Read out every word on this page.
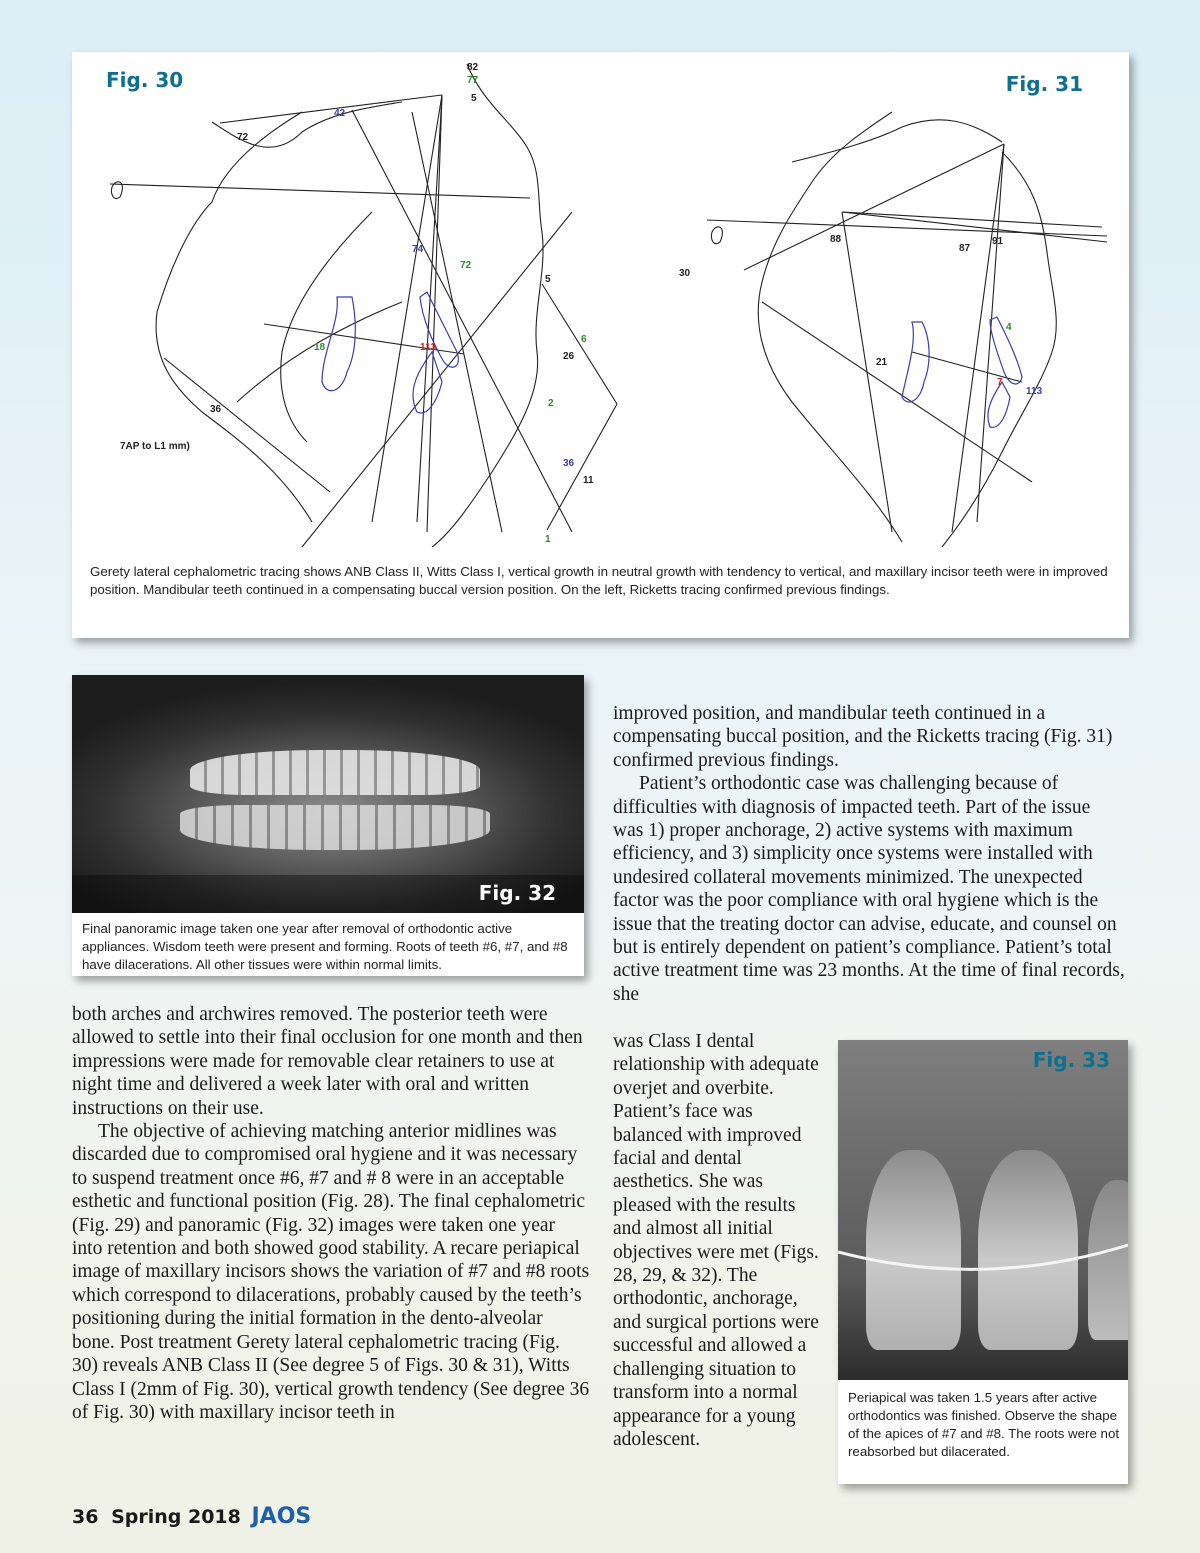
Fig. 30	Fig. 31
82
77
5
72
42
74
72
18	113
36
7AP to L1 mm)
5
6
26
2
36
11
1
30
88
87
91
4
21
7
113
Gerety lateral cephalometric tracing shows ANB Class II, Witts Class I, vertical growth in neutral growth with tendency to vertical, and maxillary incisor teeth were in improved position. Mandibular teeth continued in a compensating buccal version position. On the left, Ricketts tracing confirmed previous findings.
Fig. 32
Final panoramic image taken one year after removal of orthodontic active appliances. Wisdom teeth were present and forming. Roots of teeth #6, #7, and #8 have dilacerations. All other tissues were within normal limits.

both arches and archwires removed. The posterior teeth were allowed to settle into their final occlusion for one month and then impressions were made for removable clear retainers to use at night time and delivered a week later with oral and written instructions on their use.

The objective of achieving matching anterior midlines was discarded due to compromised oral hygiene and it was necessary to suspend treatment once #6, #7 and # 8 were in an acceptable esthetic and functional position (Fig. 28). The final cephalometric (Fig. 29) and panoramic (Fig. 32) images were taken one year into retention and both showed good stability. A recare periapical image of maxillary incisors shows the variation of #7 and #8 roots which correspond to dilacerations, probably caused by the teeth’s positioning during the initial formation in the dento-alveolar bone. Post treatment Gerety lateral cephalometric tracing (Fig. 30) reveals ANB Class II (See degree 5 of Figs. 30 & 31), Witts Class I (2mm of Fig. 30), vertical growth tendency (See degree 36 of Fig. 30) with maxillary incisor teeth in

improved position, and mandibular teeth continued in a compensating buccal position, and the Ricketts tracing (Fig. 31) confirmed previous findings.

Patient’s orthodontic case was challenging because of difficulties with diagnosis of impacted teeth. Part of the issue was 1) proper anchorage, 2) active systems with maximum efficiency, and 3) simplicity once systems were installed with undesired collateral movements minimized. The unexpected factor was the poor compliance with oral hygiene which is the issue that the treating doctor can advise, educate, and counsel on but is entirely dependent on patient’s compliance. Patient’s total active treatment time was 23 months. At the time of final records, she

was Class I dental relationship with adequate overjet and overbite. Patient’s face was balanced with improved facial and dental aesthetics. She was pleased with the results and almost all initial objectives were met (Figs. 28, 29, & 32). The orthodontic, anchorage, and surgical portions were successful and allowed a challenging situation to transform into a normal appearance for a young adolescent.

Fig. 33
Periapical was taken 1.5 years after active orthodontics was finished. Observe the shape of the apices of #7 and #8. The roots were not reabsorbed but dilacerated.
36 Spring 2018 JAOS
